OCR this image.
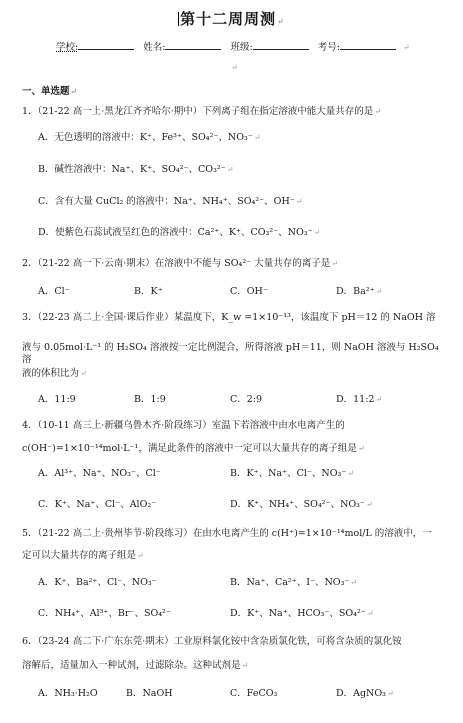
第十二周周测↵
学校:	姓名:	班级:	考号:	↵
↵
一、单选题↵
1．（21-22 高一上·黑龙江齐齐哈尔·期中）下列离子组在指定溶液中能大量共存的是↵
A．无色透明的溶液中：K⁺、Fe³⁺、SO₄²⁻、NO₃⁻↵
B．碱性溶液中：Na⁺、K⁺、SO₄²⁻、CO₃²⁻↵
C．含有大量 CuCl₂ 的溶液中：Na⁺、NH₄⁺、SO₄²⁻、OH⁻↵
D．使紫色石蕊试液呈红色的溶液中：Ca²⁺、K⁺、CO₃²⁻、NO₃⁻↵
2．（21-22 高一下·云南·期末）在溶液中不能与 SO₄²⁻ 大量共存的离子是↵
A．Cl⁻	B．K⁺	C．OH⁻	D．Ba²⁺↵
3．（22-23 高二上·全国·课后作业）某温度下，K_w =1×10⁻¹³，该温度下 pH＝12 的 NaOH 溶
液与 0.05mol·L⁻¹ 的 H₂SO₄ 溶液按一定比例混合，所得溶液 pH＝11，则 NaOH 溶液与 H₂SO₄ 溶
液的体积比为↵
A．11:9	B．1:9	C．2:9	D．11:2↵
4．（10-11 高三上·新疆乌鲁木齐·阶段练习）室温下若溶液中由水电离产生的
c(OH⁻)=1×10⁻¹⁴mol·L⁻¹，满足此条件的溶液中一定可以大量共存的离子组是↵
A．Al³⁺、Na⁺、NO₃⁻、Cl⁻	B．K⁺、Na⁺、Cl⁻、NO₃⁻↵
C．K⁺、Na⁺、Cl⁻、AlO₂⁻	D．K⁺、NH₄⁺、SO₄²⁻、NO₃⁻↵
5．（21-22 高二上·贵州毕节·阶段练习）在由水电离产生的 c(H⁺)=1×10⁻¹⁴mol/L 的溶液中，一
定可以大量共存的离子组是↵
A．K⁺、Ba²⁺、Cl⁻、NO₃⁻	B．Na⁺、Ca²⁺、I⁻、NO₃⁻↵
C．NH₄⁺、Al³⁺、Br⁻、SO₄²⁻	D．K⁺、Na⁺、HCO₃⁻、SO₄²⁻↵
6．（23-24 高二下·广东东莞·期末）工业原料氯化铵中含杂质氯化铁，可将含杂质的氯化铵
溶解后，适量加入一种试剂，过滤除杂。这种试剂是↵
A．NH₃·H₂O	B．NaOH	C．FeCO₃	D．AgNO₃↵
